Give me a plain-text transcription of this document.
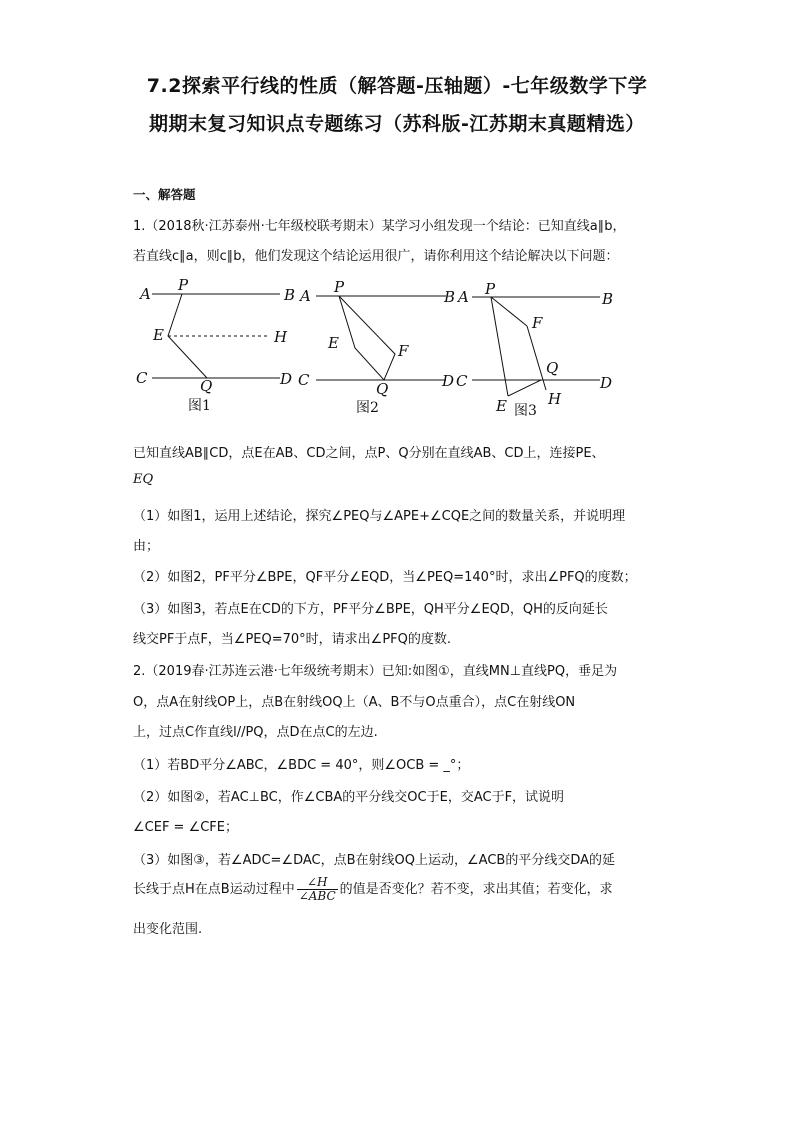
7.2探索平行线的性质（解答题-压轴题）-七年级数学下学
期期末复习知识点专题练习（苏科版-江苏期末真题精选）
一、解答题
1.（2018秋·江苏泰州·七年级校联考期末）某学习小组发现一个结论：已知直线a∥b，
若直线c∥a，则c∥b，他们发现这个结论运用很广，请你利用这个结论解决以下问题：
A P
B
E	H
C	Q	D
图1
A P
B
E	F
C	Q	D
图2
A P
B
F
Q
C	D
E	H
图3
已知直线AB∥CD，点E在AB、CD之间，点P、Q分别在直线AB、CD上，连接PE、
EQ
（1）如图1，运用上述结论，探究∠PEQ与∠APE+∠CQE之间的数量关系，并说明理
由；
（2）如图2，PF平分∠BPE，QF平分∠EQD，当∠PEQ=140°时，求出∠PFQ的度数；
（3）如图3，若点E在CD的下方，PF平分∠BPE，QH平分∠EQD，QH的反向延长
线交PF于点F，当∠PEQ=70°时，请求出∠PFQ的度数.
2.（2019春·江苏连云港·七年级统考期末）已知:如图①，直线MN⊥直线PQ，垂足为
O，点A在射线OP上，点B在射线OQ上（A、B不与O点重合），点C在射线ON
上，过点C作直线l//PQ，点D在点C的左边.
（1）若BD平分∠ABC，∠BDC = 40°，则∠OCB = _°；
（2）如图②，若AC⊥BC，作∠CBA的平分线交OC于E，交AC于F，试说明
∠CEF = ∠CFE；
（3）如图③，若∠ADC=∠DAC，点B在射线OQ上运动，∠ACB的平分线交DA的延
长线于点H在点B运动过程中 $\frac{\angle H}{\text{∠ABC}}$ 的值是否变化？若不变，求出其值；若变化，求
出变化范围.
